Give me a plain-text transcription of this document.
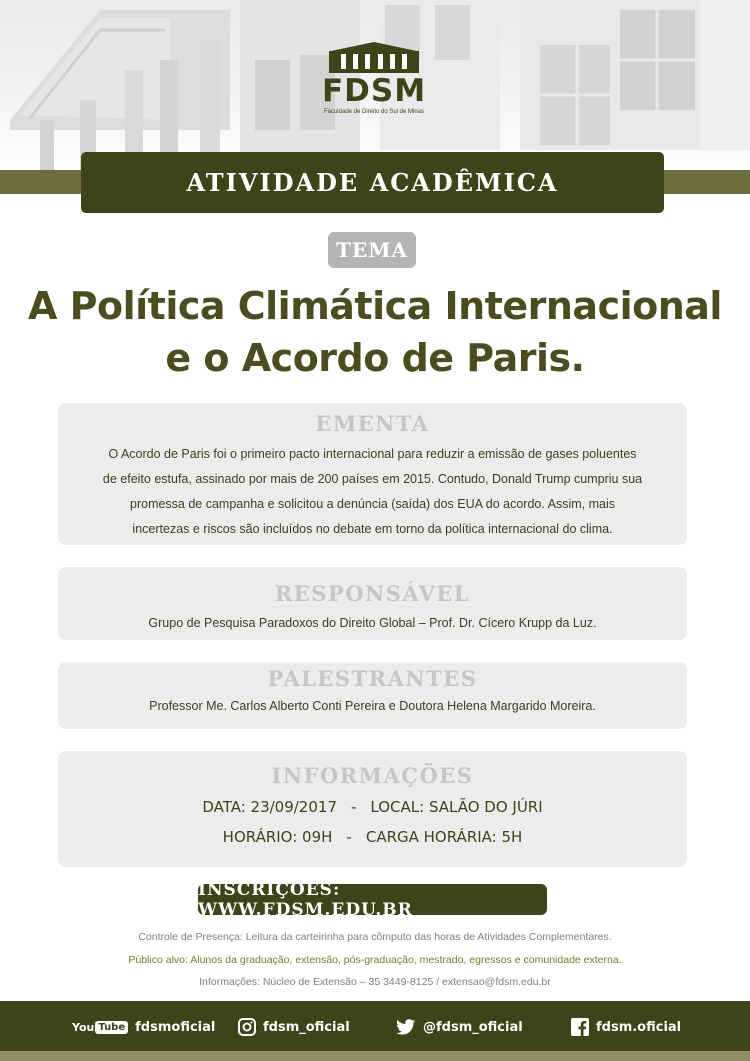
FDSM
Faculdade de Direito do Sul de Minas
ATIVIDADE ACADÊMICA
TEMA
A Política Climática Internacional
e o Acordo de Paris.
EMENTA
O Acordo de Paris foi o primeiro pacto internacional para reduzir a emissão de gases poluentes de efeito estufa, assinado por mais de 200 países em 2015. Contudo, Donald Trump cumpriu sua promessa de campanha e solicitou a denúncia (saída) dos EUA do acordo. Assim, mais incertezas e riscos são incluídos no debate em torno da política internacional do clima.
RESPONSÁVEL
Grupo de Pesquisa Paradoxos do Direito Global – Prof. Dr. Cícero Krupp da Luz.
PALESTRANTES
Professor Me. Carlos Alberto Conti Pereira e Doutora Helena Margarido Moreira.
INFORMAÇÕES
DATA: 23/09/2017 - LOCAL: SALÃO DO JÚRI
HORÁRIO: 09H - CARGA HORÁRIA: 5H
INSCRIÇÕES: WWW.FDSM.EDU.BR
Controle de Presença: Leitura da carteirinha para cômputo das horas de Atividades Complementares.
Público alvo: Alunos da graduação, extensão, pós-graduação, mestrado, egressos e comunidade externa.
Informações: Núcleo de Extensão – 35 3449-8125 / extensao@fdsm.edu.br
You Tube fdsmoficial	fdsm_oficial	@fdsm_oficial	fdsm.oficial
